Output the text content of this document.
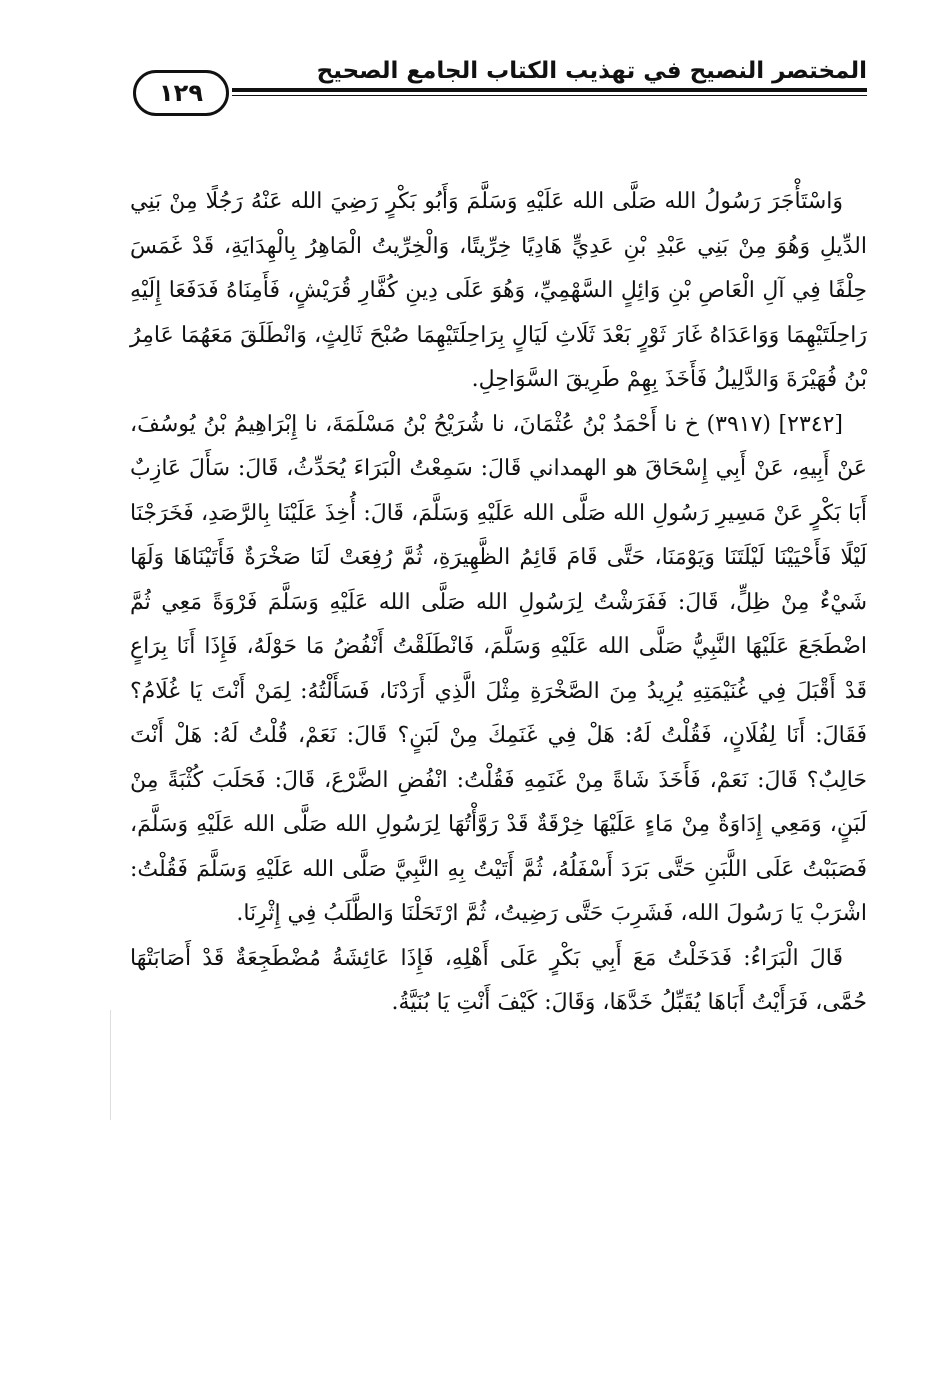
المختصر النصيح في تهذيب الكتاب الجامع الصحيح
١٢٩

وَاسْتَأْجَرَ رَسُولُ الله صَلَّى الله عَلَيْهِ وَسَلَّمَ وَأَبُو بَكْرٍ رَضِيَ الله عَنْهُ رَجُلًا مِنْ بَنِي الدِّيلِ وَهُوَ مِنْ بَنِي عَبْدِ بْنِ عَدِيٍّ هَادِيًا خِرِّيتًا، وَالْخِرِّيتُ الْمَاهِرُ بِالْهِدَايَةِ، قَدْ غَمَسَ حِلْفًا فِي آلِ الْعَاصِ بْنِ وَائِلٍ السَّهْمِيِّ، وَهُوَ عَلَى دِينِ كُفَّارِ قُرَيْشٍ، فَأَمِنَاهُ فَدَفَعَا إِلَيْهِ رَاحِلَتَيْهِمَا وَوَاعَدَاهُ غَارَ ثَوْرٍ بَعْدَ ثَلَاثِ لَيَالٍ بِرَاحِلَتَيْهِمَا صُبْحَ ثَالِثٍ، وَانْطَلَقَ مَعَهُمَا عَامِرُ بْنُ فُهَيْرَةَ وَالدَّلِيلُ فَأَخَذَ بِهِمْ طَرِيقَ السَّوَاحِلِ.

[٢٣٤٢] (٣٩١٧) خ نا أَحْمَدُ بْنُ عُثْمَانَ، نا شُرَيْحُ بْنُ مَسْلَمَةَ، نا إِبْرَاهِيمُ بْنُ يُوسُفَ، عَنْ أَبِيهِ، عَنْ أَبِي إِسْحَاقَ هو الهمداني قَالَ: سَمِعْتُ الْبَرَاءَ يُحَدِّثُ، قَالَ: سَأَلَ عَازِبٌ أَبَا بَكْرٍ عَنْ مَسِيرِ رَسُولِ الله صَلَّى الله عَلَيْهِ وَسَلَّمَ، قَالَ: أُخِذَ عَلَيْنَا بِالرَّصَدِ، فَخَرَجْنَا لَيْلًا فَأَحْيَيْنَا لَيْلَتَنَا وَيَوْمَنَا، حَتَّى قَامَ قَائِمُ الظَّهِيرَةِ، ثُمَّ رُفِعَتْ لَنَا صَخْرَةٌ فَأَتَيْنَاهَا وَلَهَا شَيْءٌ مِنْ ظِلٍّ، قَالَ: فَفَرَشْتُ لِرَسُولِ الله صَلَّى الله عَلَيْهِ وَسَلَّمَ فَرْوَةً مَعِي ثُمَّ اضْطَجَعَ عَلَيْهَا النَّبِيُّ صَلَّى الله عَلَيْهِ وَسَلَّمَ، فَانْطَلَقْتُ أَنْفُضُ مَا حَوْلَهُ، فَإِذَا أَنَا بِرَاعٍ قَدْ أَقْبَلَ فِي غُنَيْمَتِهِ يُرِيدُ مِنَ الصَّخْرَةِ مِثْلَ الَّذِي أَرَدْنَا، فَسَأَلْتُهُ: لِمَنْ أَنْتَ يَا غُلَامُ؟ فَقَالَ: أَنَا لِفُلَانٍ، فَقُلْتُ لَهُ: هَلْ فِي غَنَمِكَ مِنْ لَبَنٍ؟ قَالَ: نَعَمْ، قُلْتُ لَهُ: هَلْ أَنْتَ حَالِبٌ؟ قَالَ: نَعَمْ، فَأَخَذَ شَاةً مِنْ غَنَمِهِ فَقُلْتُ: انْفُضِ الضَّرْعَ، قَالَ: فَحَلَبَ كُثْبَةً مِنْ لَبَنٍ، وَمَعِي إِدَاوَةٌ مِنْ مَاءٍ عَلَيْهَا خِرْقَةٌ قَدْ رَوَّأْتُهَا لِرَسُولِ الله صَلَّى الله عَلَيْهِ وَسَلَّمَ، فَصَبَبْتُ عَلَى اللَّبَنِ حَتَّى بَرَدَ أَسْفَلُهُ، ثُمَّ أَتَيْتُ بِهِ النَّبِيَّ صَلَّى الله عَلَيْهِ وَسَلَّمَ فَقُلْتُ: اشْرَبْ يَا رَسُولَ الله، فَشَرِبَ حَتَّى رَضِيتُ، ثُمَّ ارْتَحَلْنَا وَالطَّلَبُ فِي إِثْرِنَا.

قَالَ الْبَرَاءُ: فَدَخَلْتُ مَعَ أَبِي بَكْرٍ عَلَى أَهْلِهِ، فَإِذَا عَائِشَةُ مُضْطَجِعَةٌ قَدْ أَصَابَتْهَا حُمَّى، فَرَأَيْتُ أَبَاهَا يُقَبِّلُ خَدَّهَا، وَقَالَ: كَيْفَ أَنْتِ يَا بُنَيَّةُ.
